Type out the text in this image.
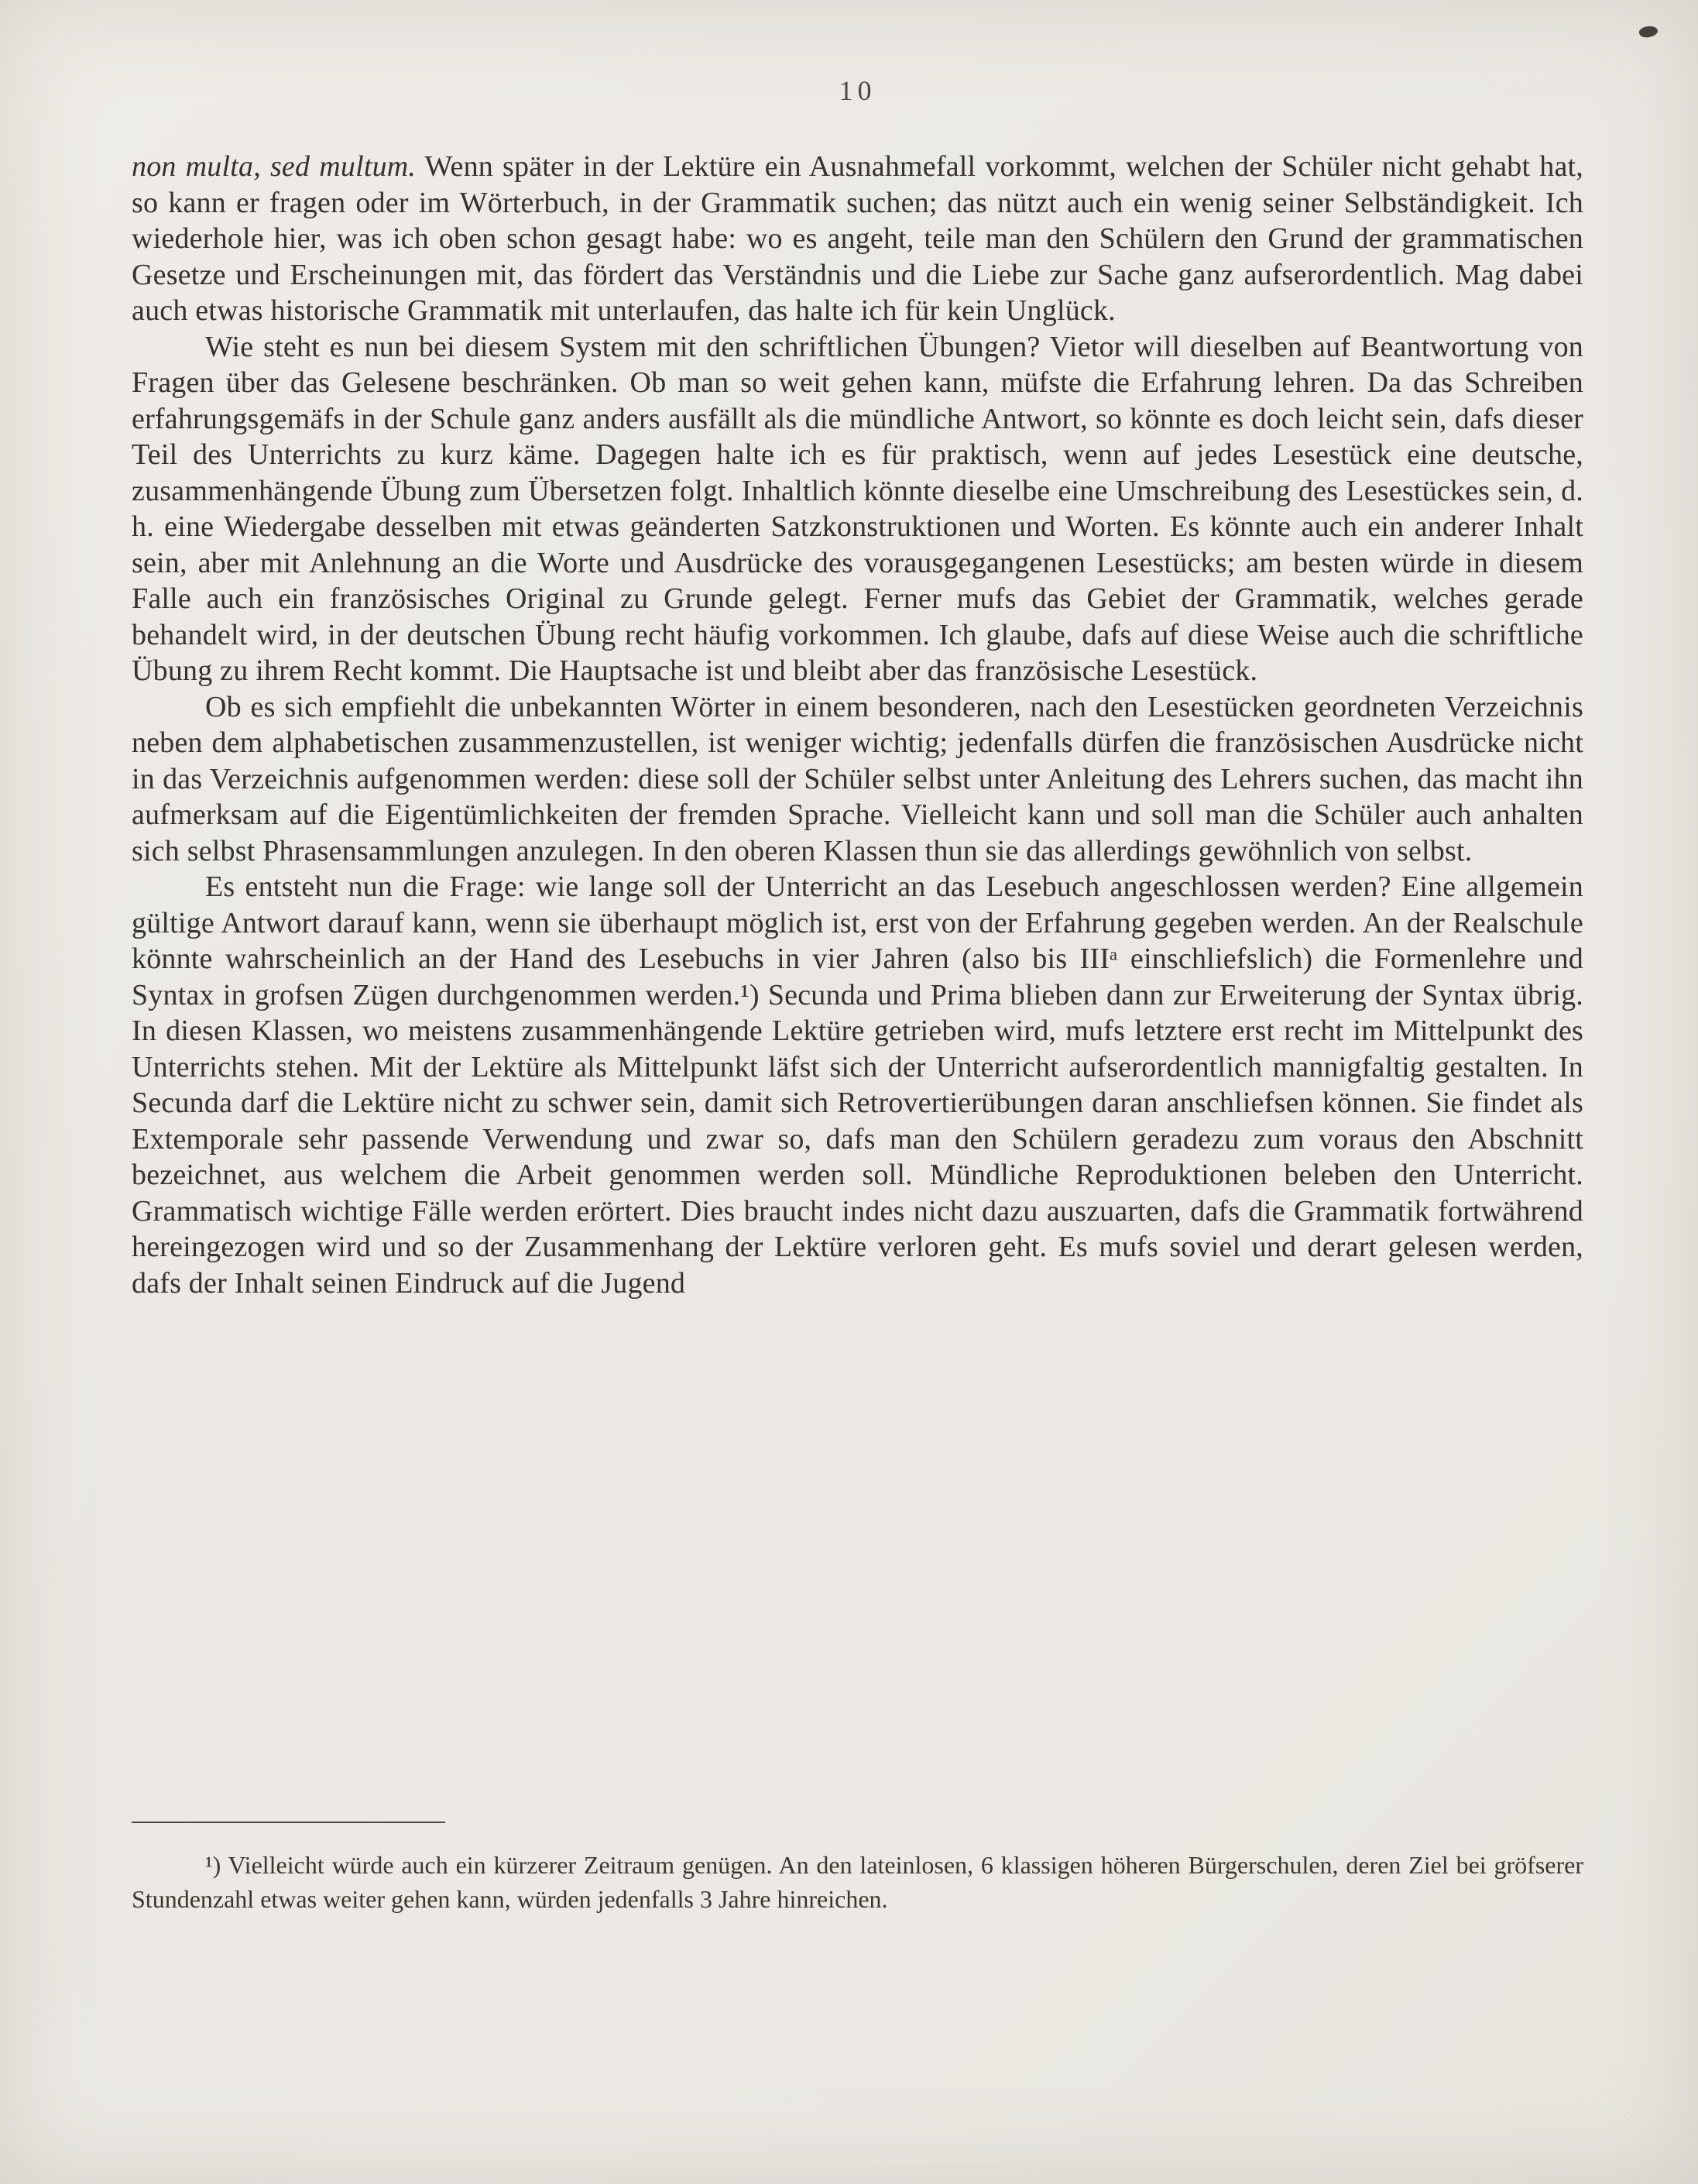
10

non multa, sed multum. Wenn später in der Lektüre ein Ausnahmefall vorkommt, welchen der Schüler nicht gehabt hat, so kann er fragen oder im Wörterbuch, in der Grammatik suchen; das nützt auch ein wenig seiner Selbständigkeit. Ich wiederhole hier, was ich oben schon gesagt habe: wo es angeht, teile man den Schülern den Grund der grammatischen Gesetze und Erscheinungen mit, das fördert das Verständnis und die Liebe zur Sache ganz aufserordentlich. Mag dabei auch etwas historische Grammatik mit unterlaufen, das halte ich für kein Unglück.

Wie steht es nun bei diesem System mit den schriftlichen Übungen? Vietor will dieselben auf Beantwortung von Fragen über das Gelesene beschränken. Ob man so weit gehen kann, müfste die Erfahrung lehren. Da das Schreiben erfahrungsgemäfs in der Schule ganz anders ausfällt als die mündliche Antwort, so könnte es doch leicht sein, dafs dieser Teil des Unterrichts zu kurz käme. Dagegen halte ich es für praktisch, wenn auf jedes Lesestück eine deutsche, zusammenhängende Übung zum Übersetzen folgt. Inhaltlich könnte dieselbe eine Umschreibung des Lesestückes sein, d. h. eine Wiedergabe desselben mit etwas geänderten Satzkonstruktionen und Worten. Es könnte auch ein anderer Inhalt sein, aber mit Anlehnung an die Worte und Ausdrücke des vorausgegangenen Lesestücks; am besten würde in diesem Falle auch ein französisches Original zu Grunde gelegt. Ferner mufs das Gebiet der Grammatik, welches gerade behandelt wird, in der deutschen Übung recht häufig vorkommen. Ich glaube, dafs auf diese Weise auch die schriftliche Übung zu ihrem Recht kommt. Die Hauptsache ist und bleibt aber das französische Lesestück.

Ob es sich empfiehlt die unbekannten Wörter in einem besonderen, nach den Lesestücken geordneten Verzeichnis neben dem alphabetischen zusammenzustellen, ist weniger wichtig; jedenfalls dürfen die französischen Ausdrücke nicht in das Verzeichnis aufgenommen werden: diese soll der Schüler selbst unter Anleitung des Lehrers suchen, das macht ihn aufmerksam auf die Eigentümlichkeiten der fremden Sprache. Vielleicht kann und soll man die Schüler auch anhalten sich selbst Phrasensammlungen anzulegen. In den oberen Klassen thun sie das allerdings gewöhnlich von selbst.

Es entsteht nun die Frage: wie lange soll der Unterricht an das Lesebuch angeschlossen werden? Eine allgemein gültige Antwort darauf kann, wenn sie überhaupt möglich ist, erst von der Erfahrung gegeben werden. An der Realschule könnte wahrscheinlich an der Hand des Lesebuchs in vier Jahren (also bis IIIᵃ einschliefslich) die Formenlehre und Syntax in grofsen Zügen durchgenommen werden.¹) Secunda und Prima blieben dann zur Erweiterung der Syntax übrig. In diesen Klassen, wo meistens zusammenhängende Lektüre getrieben wird, mufs letztere erst recht im Mittelpunkt des Unterrichts stehen. Mit der Lektüre als Mittelpunkt läfst sich der Unterricht aufserordentlich mannigfaltig gestalten. In Secunda darf die Lektüre nicht zu schwer sein, damit sich Retrovertierübungen daran anschliefsen können. Sie findet als Extemporale sehr passende Verwendung und zwar so, dafs man den Schülern geradezu zum voraus den Abschnitt bezeichnet, aus welchem die Arbeit genommen werden soll. Mündliche Reproduktionen beleben den Unterricht. Grammatisch wichtige Fälle werden erörtert. Dies braucht indes nicht dazu auszuarten, dafs die Grammatik fortwährend hereingezogen wird und so der Zusammenhang der Lektüre verloren geht. Es mufs soviel und derart gelesen werden, dafs der Inhalt seinen Eindruck auf die Jugend

¹) Vielleicht würde auch ein kürzerer Zeitraum genügen. An den lateinlosen, 6 klassigen höheren Bürgerschulen, deren Ziel bei gröfserer Stundenzahl etwas weiter gehen kann, würden jedenfalls 3 Jahre hinreichen.
